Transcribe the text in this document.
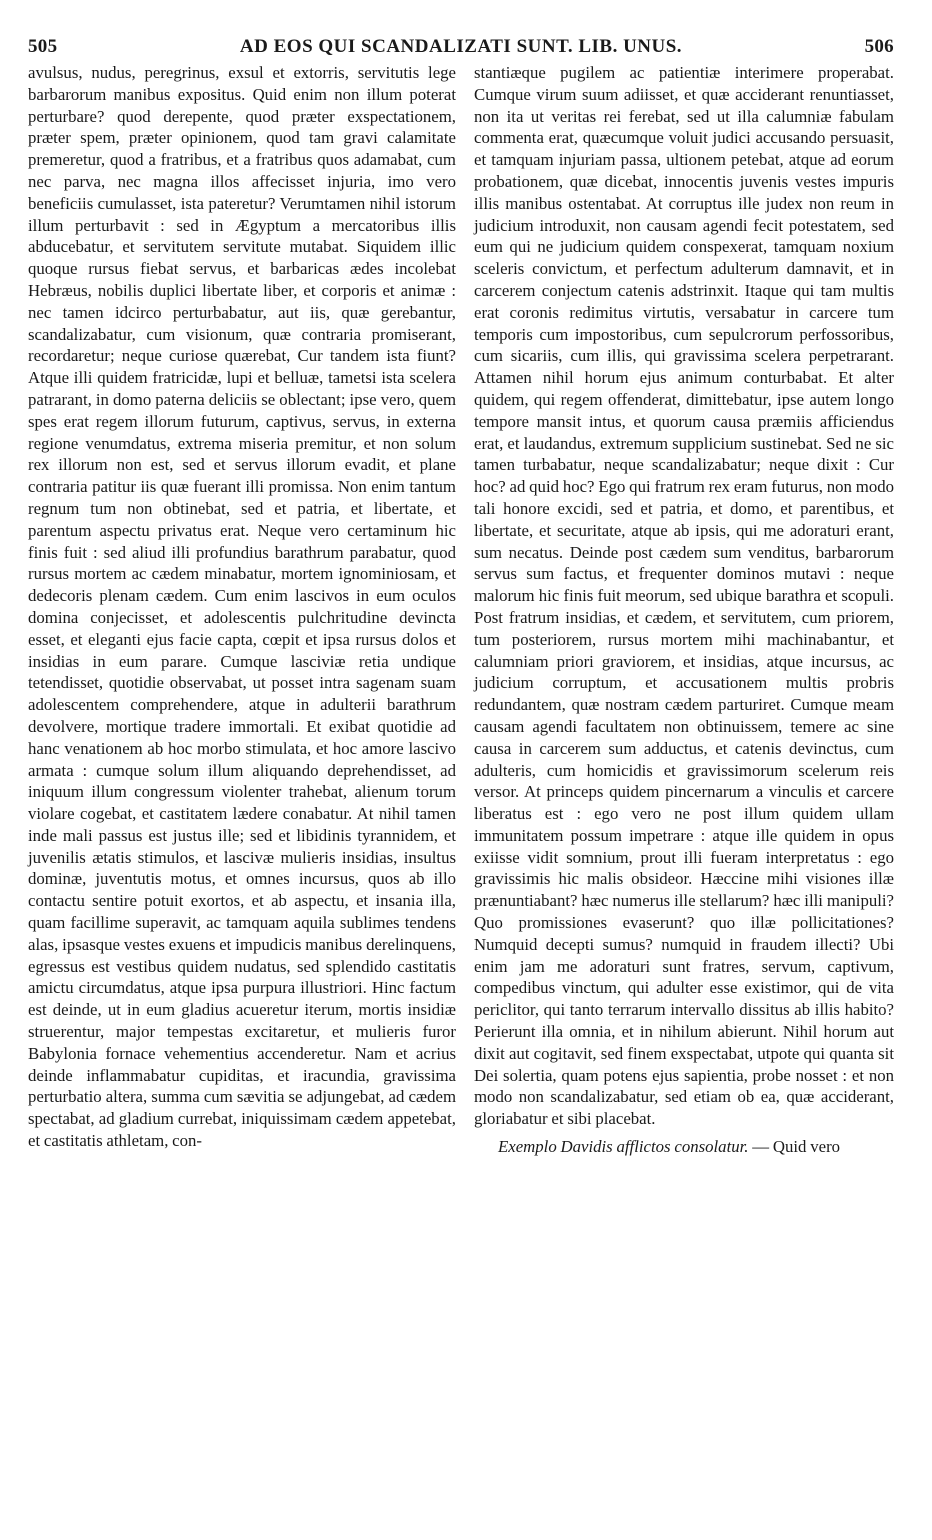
505	AD EOS QUI SCANDALIZATI SUNT. LIB. UNUS.	506

avulsus, nudus, peregrinus, exsul et extorris, servitutis lege barbarorum manibus expositus. Quid enim non illum poterat perturbare? quod derepente, quod præter exspectationem, præter spem, præter opinionem, quod tam gravi calamitate premeretur, quod a fratribus, et a fratribus quos adamabat, cum nec parva, nec magna illos affecisset injuria, imo vero beneficiis cumulasset, ista pateretur? Verumtamen nihil istorum illum perturbavit : sed in Ægyptum a mercatoribus illis abducebatur, et servitutem servitute mutabat. Siquidem illic quoque rursus fiebat servus, et barbaricas ædes incolebat Hebræus, nobilis duplici libertate liber, et corporis et animæ : nec tamen idcirco perturbabatur, aut iis, quæ gerebantur, scandalizabatur, cum visionum, quæ contraria promiserant, recordaretur; neque curiose quærebat, Cur tandem ista fiunt? Atque illi quidem fratricidæ, lupi et belluæ, tametsi ista scelera patrarant, in domo paterna deliciis se oblectant; ipse vero, quem spes erat regem illorum futurum, captivus, servus, in externa regione venumdatus, extrema miseria premitur, et non solum rex illorum non est, sed et servus illorum evadit, et plane contraria patitur iis quæ fuerant illi promissa. Non enim tantum regnum tum non obtinebat, sed et patria, et libertate, et parentum aspectu privatus erat. Neque vero certaminum hic finis fuit : sed aliud illi profundius barathrum parabatur, quod rursus mortem ac cædem minabatur, mortem ignominiosam, et dedecoris plenam cædem. Cum enim lascivos in eum oculos domina conjecisset, et adolescentis pulchritudine devincta esset, et eleganti ejus facie capta, cœpit et ipsa rursus dolos et insidias in eum parare. Cumque lasciviæ retia undique tetendisset, quotidie observabat, ut posset intra sagenam suam adolescentem comprehendere, atque in adulterii barathrum devolvere, mortique tradere immortali. Et exibat quotidie ad hanc venationem ab hoc morbo stimulata, et hoc amore lascivo armata : cumque solum illum aliquando deprehendisset, ad iniquum illum congressum violenter trahebat, alienum torum violare cogebat, et castitatem lædere conabatur. At nihil tamen inde mali passus est justus ille; sed et libidinis tyrannidem, et juvenilis ætatis stimulos, et lascivæ mulieris insidias, insultus dominæ, juventutis motus, et omnes incursus, quos ab illo contactu sentire potuit exortos, et ab aspectu, et insania illa, quam facillime superavit, ac tamquam aquila sublimes tendens alas, ipsasque vestes exuens et impudicis manibus derelinquens, egressus est vestibus quidem nudatus, sed splendido castitatis amictu circumdatus, atque ipsa purpura illustriori. Hinc factum est deinde, ut in eum gladius acueretur iterum, mortis insidiæ struerentur, major tempestas excitaretur, et mulieris furor Babylonia fornace vehementius accenderetur. Nam et acrius deinde inflammabatur cupiditas, et iracundia, gravissima perturbatio altera, summa cum sævitia se adjungebat, ad cædem spectabat, ad gladium currebat, iniquissimam cædem appetebat, et castitatis athletam, con-

stantiæque pugilem ac patientiæ interimere properabat. Cumque virum suum adiisset, et quæ acciderant renuntiasset, non ita ut veritas rei ferebat, sed ut illa calumniæ fabulam commenta erat, quæcumque voluit judici accusando persuasit, et tamquam injuriam passa, ultionem petebat, atque ad eorum probationem, quæ dicebat, innocentis juvenis vestes impuris illis manibus ostentabat. At corruptus ille judex non reum in judicium introduxit, non causam agendi fecit potestatem, sed eum qui ne judicium quidem conspexerat, tamquam noxium sceleris convictum, et perfectum adulterum damnavit, et in carcerem conjectum catenis adstrinxit. Itaque qui tam multis erat coronis redimitus virtutis, versabatur in carcere tum temporis cum impostoribus, cum sepulcrorum perfossoribus, cum sicariis, cum illis, qui gravissima scelera perpetrarant. Attamen nihil horum ejus animum conturbabat. Et alter quidem, qui regem offenderat, dimittebatur, ipse autem longo tempore mansit intus, et quorum causa præmiis afficiendus erat, et laudandus, extremum supplicium sustinebat. Sed ne sic tamen turbabatur, neque scandalizabatur; neque dixit : Cur hoc? ad quid hoc? Ego qui fratrum rex eram futurus, non modo tali honore excidi, sed et patria, et domo, et parentibus, et libertate, et securitate, atque ab ipsis, qui me adoraturi erant, sum necatus. Deinde post cædem sum venditus, barbarorum servus sum factus, et frequenter dominos mutavi : neque malorum hic finis fuit meorum, sed ubique barathra et scopuli. Post fratrum insidias, et cædem, et servitutem, cum priorem, tum posteriorem, rursus mortem mihi machinabantur, et calumniam priori graviorem, et insidias, atque incursus, ac judicium corruptum, et accusationem multis probris redundantem, quæ nostram cædem parturiret. Cumque meam causam agendi facultatem non obtinuissem, temere ac sine causa in carcerem sum adductus, et catenis devinctus, cum adulteris, cum homicidis et gravissimorum scelerum reis versor. At princeps quidem pincernarum a vinculis et carcere liberatus est : ego vero ne post illum quidem ullam immunitatem possum impetrare : atque ille quidem in opus exiisse vidit somnium, prout illi fueram interpretatus : ego gravissimis hic malis obsideor. Hæccine mihi visiones illæ prænuntiabant? hæc numerus ille stellarum? hæc illi manipuli? Quo promissiones evaserunt? quo illæ pollicitationes? Numquid decepti sumus? numquid in fraudem illecti? Ubi enim jam me adoraturi sunt fratres, servum, captivum, compedibus vinctum, qui adulter esse existimor, qui de vita periclitor, qui tanto terrarum intervallo dissitus ab illis habito? Perierunt illa omnia, et in nihilum abierunt. Nihil horum aut dixit aut cogitavit, sed finem exspectabat, utpote qui quanta sit Dei solertia, quam potens ejus sapientia, probe nosset : et non modo non scandalizabatur, sed etiam ob ea, quæ acciderant, gloriabatur et sibi placebat.

Exemplo Davidis afflictos consolatur. — Quid vero
